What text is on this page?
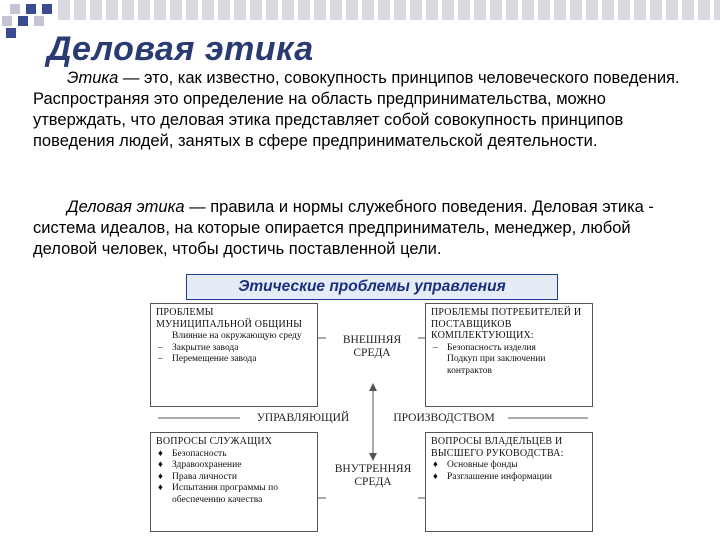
Деловая этика
Этика — это, как известно, совокупность принципов человеческого поведения. Распространяя это определение на область предпринимательства, можно утверждать, что деловая этика представляет собой совокупность принципов поведения людей, занятых в сфере предпринимательской деятельности.
Деловая этика — правила и нормы служебного поведения. Деловая этика - система идеалов, на которые опирается предприниматель, менеджер, любой деловой человек, чтобы достичь поставленной цели.
Этические проблемы управления
ПРОБЛЕМЫ МУНИЦИПАЛЬНОЙ ОБЩИНЫ
Влияние на окружающую среду
– Закрытие завода
– Перемещение завода
ПРОБЛЕМЫ ПОТРЕБИТЕЛЕЙ И ПОСТАВЩИКОВ КОМПЛЕКТУЮЩИХ:
– Безопасность изделия
Подкуп при заключении контрактов
ВНЕШНЯЯ СРЕДА
УПРАВЛЯЮЩИЙ	ПРОИЗВОДСТВОМ
ВНУТРЕННЯЯ СРЕДА
ВОПРОСЫ СЛУЖАЩИХ
♦ Безопасность
♦ Здравоохранение
♦ Права личности
♦ Испытания программы по обеспечению качества
ВОПРОСЫ ВЛАДЕЛЬЦЕВ И ВЫСШЕГО РУКОВОДСТВА:
♦ Основные фонды
♦ Разглашение информации
